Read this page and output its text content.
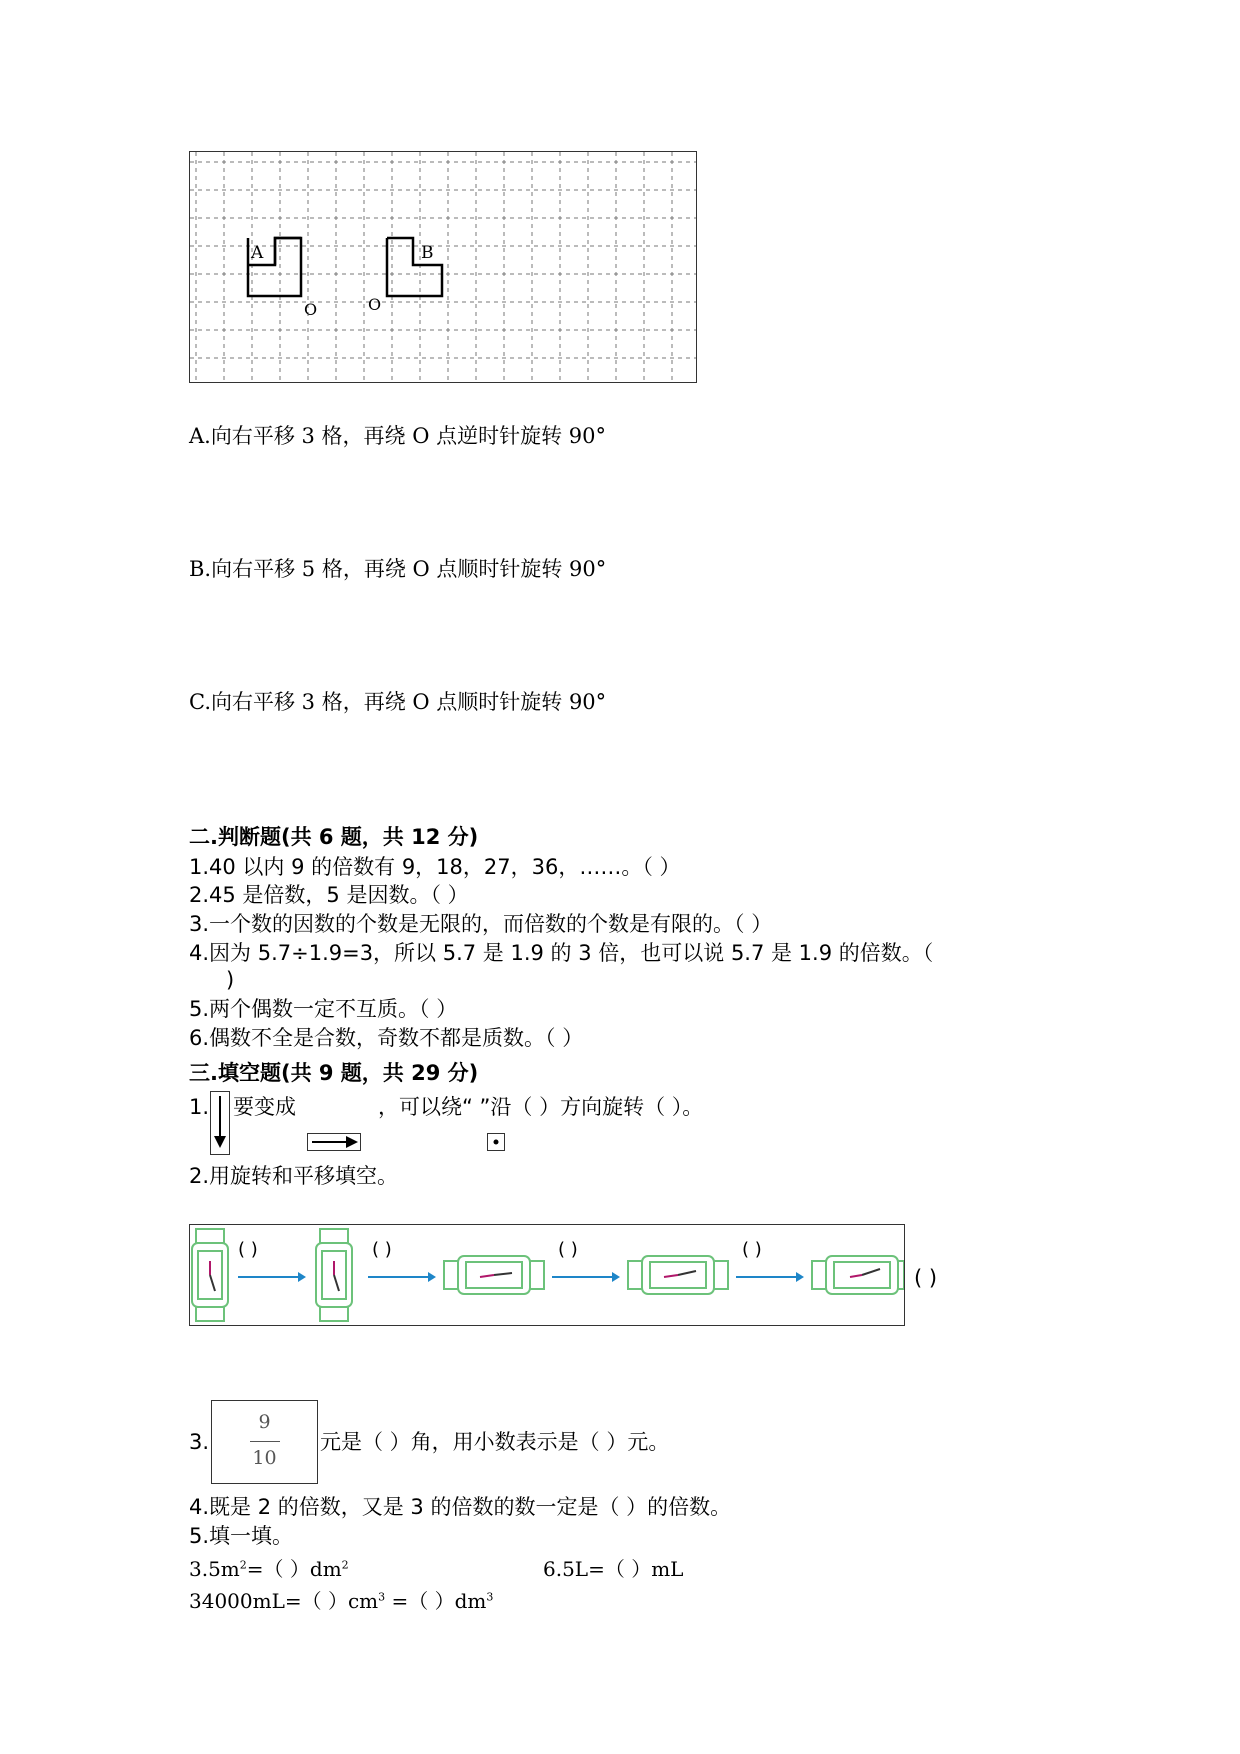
A	B
O	O
A.向右平移 3 格，再绕 O 点逆时针旋转 90°
B.向右平移 5 格，再绕 O 点顺时针旋转 90°
C.向右平移 3 格，再绕 O 点顺时针旋转 90°
二.判断题(共 6 题，共 12 分)
1.40 以内 9 的倍数有 9，18，27，36，……。（ ）
2.45 是倍数，5 是因数。（ ）
3.一个数的因数的个数是无限的，而倍数的个数是有限的。（ ）
4.因为 5.7÷1.9=3，所以 5.7 是 1.9 的 3 倍，也可以说 5.7 是 1.9 的倍数。（
)
5.两个偶数一定不互质。（ ）
6.偶数不全是合数，奇数不都是质数。（ ）
三.填空题(共 9 题，共 29 分)
1. 要变成	，可以绕“ ”沿（ ）方向旋转（ ）。
2.用旋转和平移填空。
( )	( )	( )	( )
( )
3.
9
10
元是（ ）角，用小数表示是（ ）元。
4.既是 2 的倍数，又是 3 的倍数的数一定是（ ）的倍数。
5.填一填。
$3.5m^2=$（ ）$dm^2$	6.5L=（ ）mL
34000mL=（ ）$cm^3$ =（ ）$dm^3$
